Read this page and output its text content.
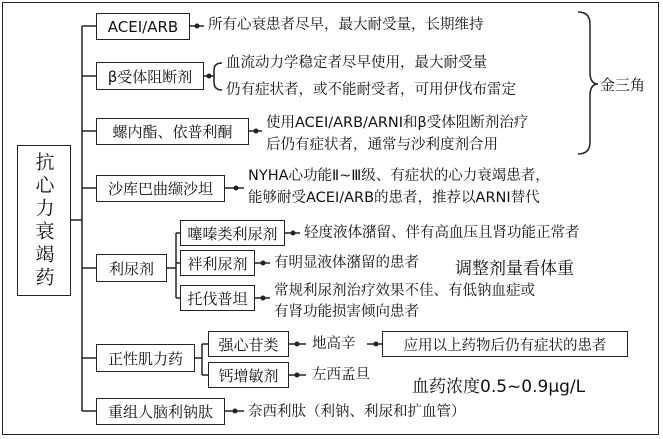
抗心力衰竭药
ACEI/ARB
β受体阻断剂
螺内酯、依普利酮
沙库巴曲缬沙坦
利尿剂
正性肌力药
重组人脑利钠肽
所有心衰患者尽早，最大耐受量，长期维持
血流动力学稳定者尽早使用，最大耐受量
仍有症状者，或不能耐受者，可用伊伐布雷定
使用ACEI/ARB/ARNI和β受体阻断剂治疗
后仍有症状者，通常与沙利度剂合用
NYHA心功能Ⅱ~Ⅲ级、有症状的心力衰竭患者，
能够耐受ACEI/ARB的患者，推荐以ARNI替代
奈西利肽（利钠、利尿和扩血管）
金三角
噻嗪类利尿剂
袢利尿剂
托伐普坦
轻度液体潴留、伴有高血压且肾功能正常者
有明显液体潴留的患者
常规利尿剂治疗效果不佳、有低钠血症或
有肾功能损害倾向患者
调整剂量看体重
强心苷类
钙增敏剂
地高辛	应用以上药物后仍有症状的患者
左西孟旦
血药浓度0.5~0.9μg/L
